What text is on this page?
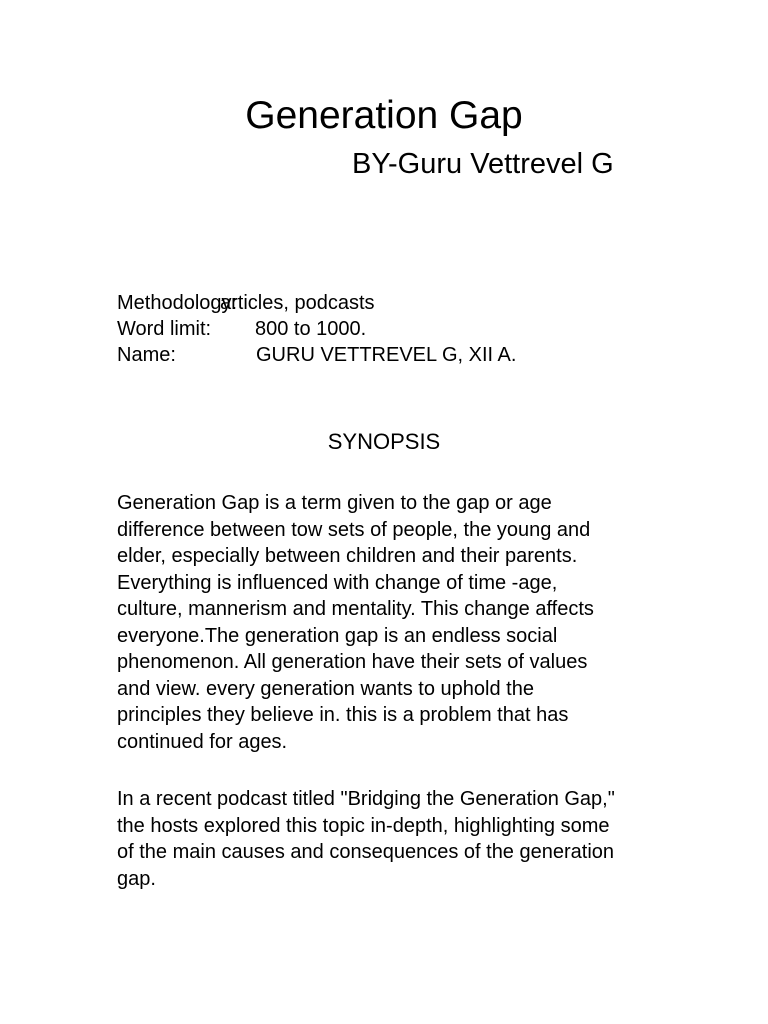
Generation Gap
BY-Guru Vettrevel G
Methodology:
articles, podcasts
Word limit: 800 to 1000.
Name:	GURU VETTREVEL G, XII A.
SYNOPSIS

Generation Gap is a term given to the gap or age
difference between tow sets of people, the young and
elder, especially between children and their parents.
Everything is influenced with change of time -age,
culture, mannerism and mentality. This change affects
everyone.The generation gap is an endless social
phenomenon. All generation have their sets of values
and view. every generation wants to uphold the
principles they believe in. this is a problem that has
continued for ages.

In a recent podcast titled "Bridging the Generation Gap,"
the hosts explored this topic in-depth, highlighting some
of the main causes and consequences of the generation
gap.
